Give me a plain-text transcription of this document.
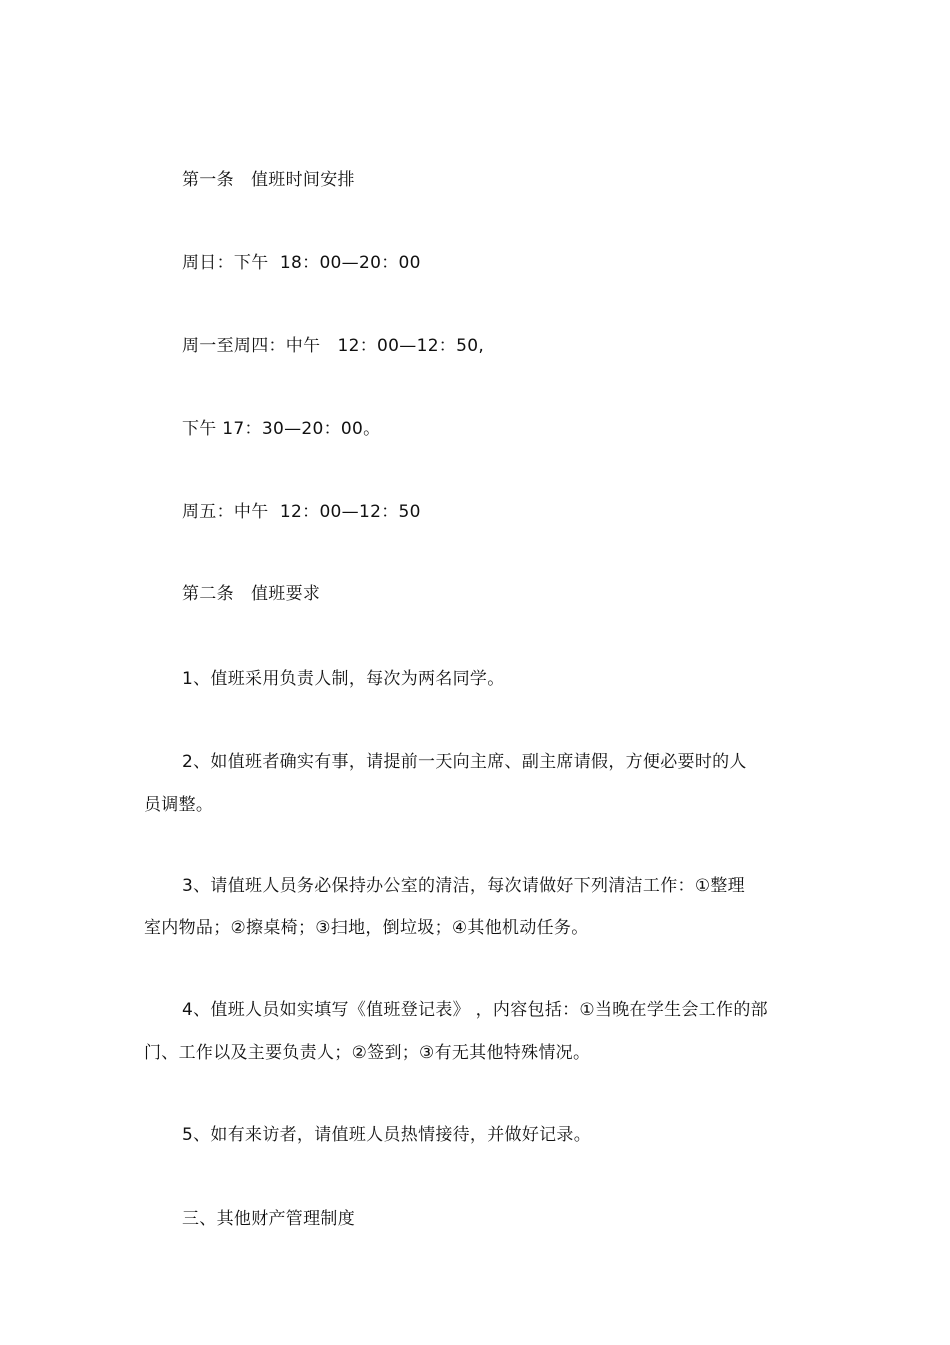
第一条   值班时间安排
周日：下午  18：00—20：00
周一至周四：中午   12：00—12：50,
下午 17：30—20：00。
周五：中午  12：00—12：50
第二条   值班要求
1、值班采用负责人制，每次为两名同学。
2、如值班者确实有事，请提前一天向主席、副主席请假，方便必要时的人
员调整。
3、请值班人员务必保持办公室的清洁，每次请做好下列清洁工作：①整理
室内物品；②擦桌椅；③扫地，倒垃圾；④其他机动任务。
4、值班人员如实填写《值班登记表》 ，内容包括：①当晚在学生会工作的部
门、工作以及主要负责人；②签到；③有无其他特殊情况。
5、如有来访者，请值班人员热情接待，并做好记录。
三、其他财产管理制度
